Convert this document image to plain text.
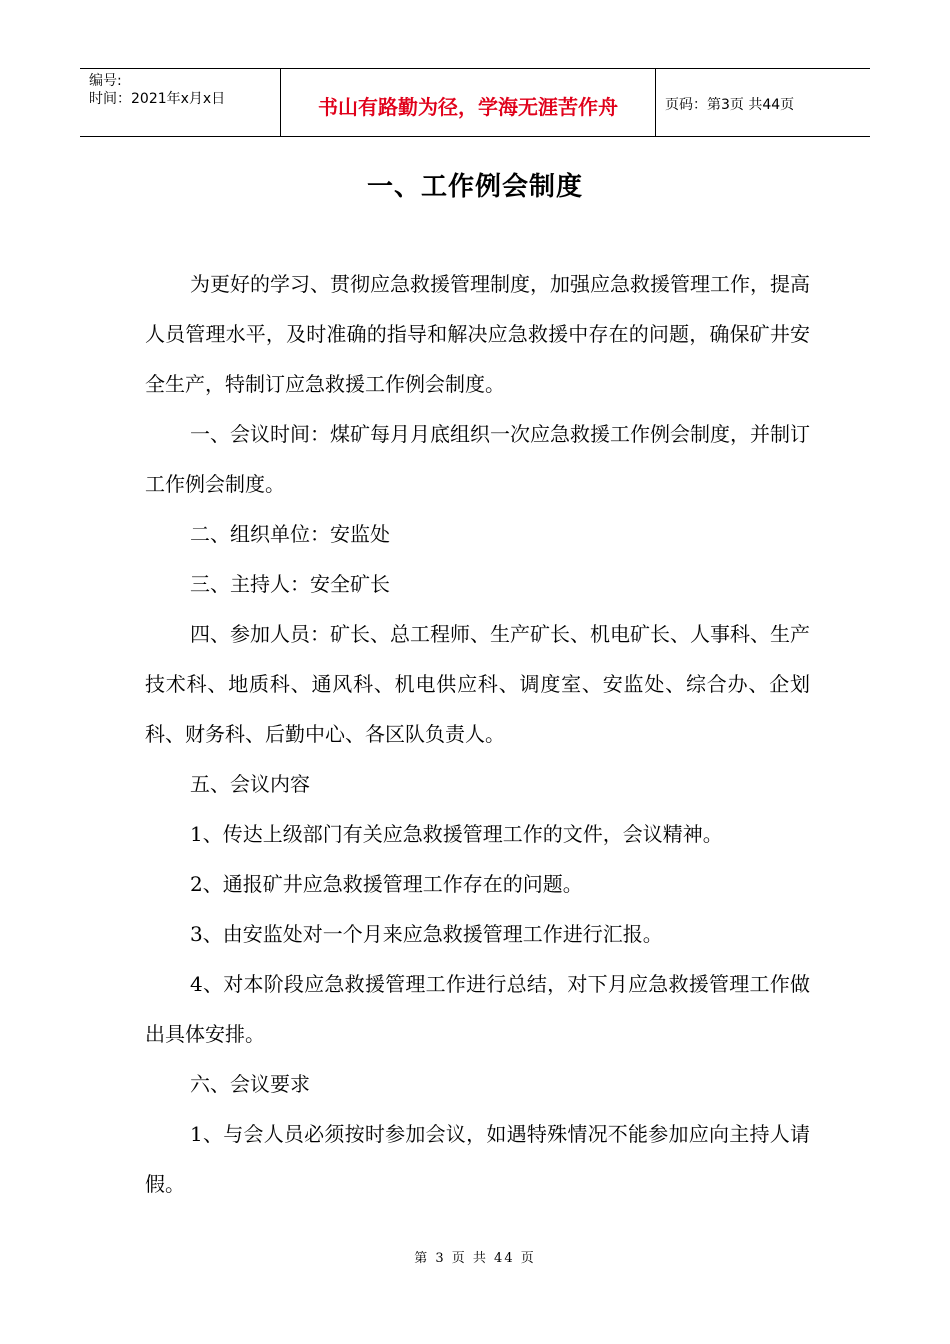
编号:
时间：2021年x月x日	书山有路勤为径，学海无涯苦作舟	页码：第3页 共44页
一、工作例会制度

为更好的学习、贯彻应急救援管理制度，加强应急救援管理工作，提高人员管理水平，及时准确的指导和解决应急救援中存在的问题，确保矿井安全生产，特制订应急救援工作例会制度。

一、会议时间：煤矿每月月底组织一次应急救援工作例会制度，并制订工作例会制度。

二、组织单位：安监处

三、主持人：安全矿长

四、参加人员：矿长、总工程师、生产矿长、机电矿长、人事科、生产技术科、地质科、通风科、机电供应科、调度室、安监处、综合办、企划科、财务科、后勤中心、各区队负责人。

五、会议内容

1、传达上级部门有关应急救援管理工作的文件，会议精神。

2、通报矿井应急救援管理工作存在的问题。

3、由安监处对一个月来应急救援管理工作进行汇报。

4、对本阶段应急救援管理工作进行总结，对下月应急救援管理工作做出具体安排。

六、会议要求

1、与会人员必须按时参加会议，如遇特殊情况不能参加应向主持人请假。

第 3 页 共 44 页
